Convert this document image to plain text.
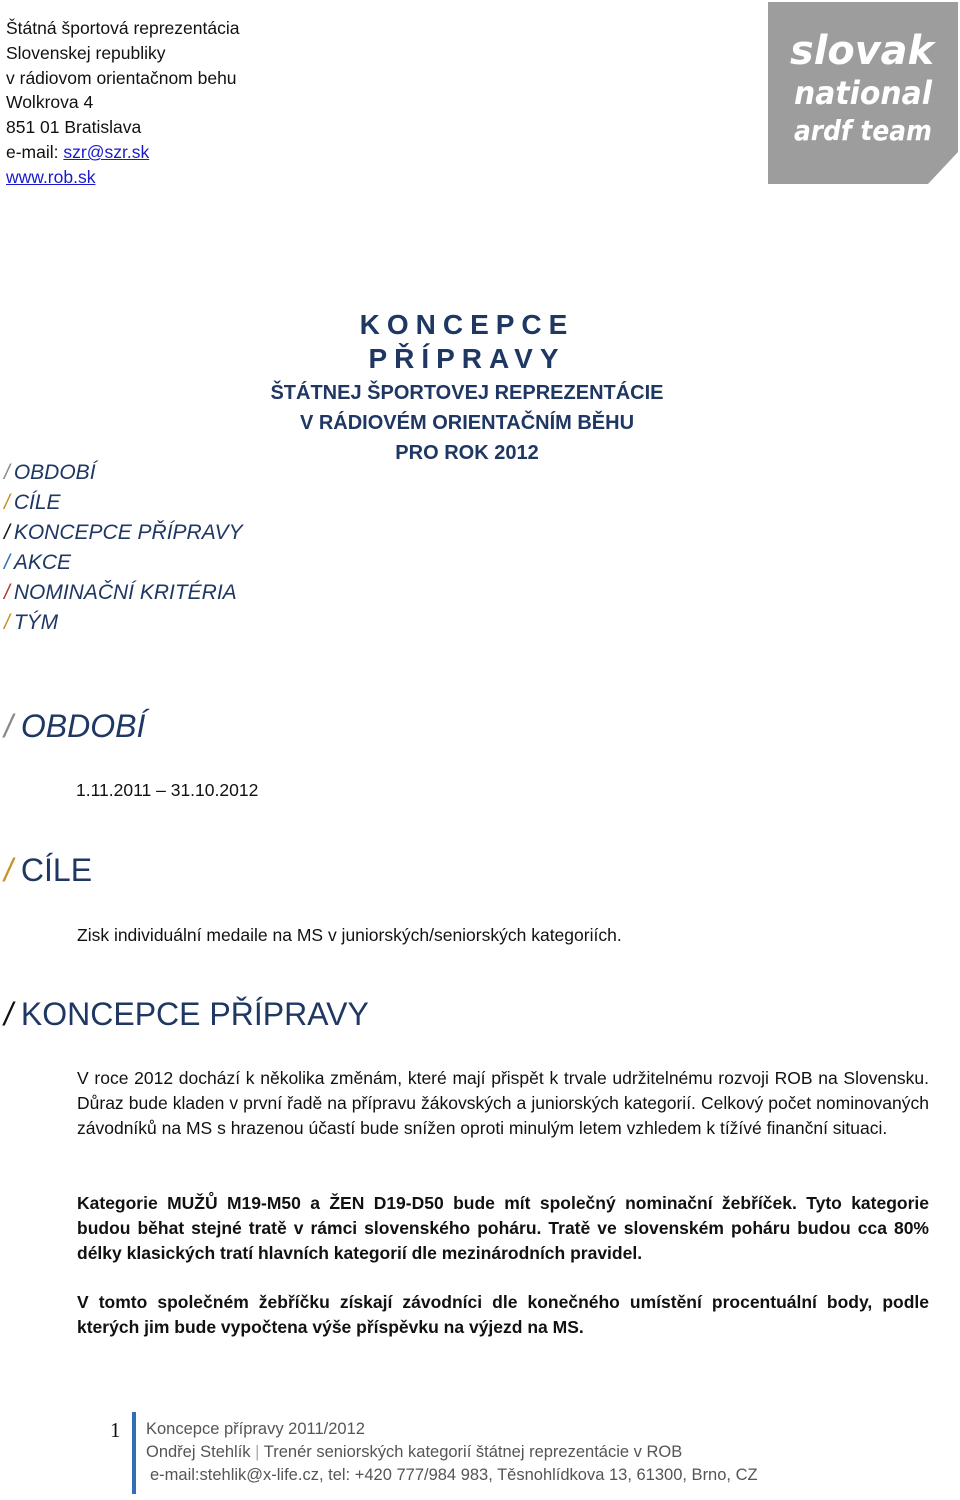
Štátná športová reprezentácia
Slovenskej republiky
v rádiovom orientačnom behu
Wolkrova 4
851 01 Bratislava
e-mail: szr@szr.sk
www.rob.sk
slovak
national
ardf team
KONCEPCE PŘÍPRAVY
ŠTÁTNEJ ŠPORTOVEJ REPREZENTÁCIE
V RÁDIOVÉM ORIENTAČNÍM BĚHU
PRO ROK 2012
/ OBDOBÍ
/ CÍLE
/ KONCEPCE PŘÍPRAVY
/ AKCE
/ NOMINAČNÍ KRITÉRIA
/ TÝM
/ OBDOBÍ
1.11.2011 – 31.10.2012
/ CÍLE
Zisk individuální medaile na MS v juniorských/seniorských kategoriích.
/ KONCEPCE PŘÍPRAVY
V roce 2012 dochází k několika změnám, které mají přispět k trvale udržitelnému rozvoji ROB na Slovensku. Důraz bude kladen v první řadě na přípravu žákovských a juniorských kategorií. Celkový počet nominovaných závodníků na MS s hrazenou účastí bude snížen oproti minulým letem vzhledem k tížívé finanční situaci.
Kategorie MUŽŮ M19-M50 a ŽEN D19-D50 bude mít společný nominační žebříček. Tyto kategorie budou běhat stejné tratě v rámci slovenského poháru. Tratě ve slovenském poháru budou cca 80% délky klasických tratí hlavních kategorií dle mezinárodních pravidel.
V tomto společném žebříčku získají závodníci dle konečného umístění procentuální body, podle kterých jim bude vypočtena výše příspěvku na výjezd na MS.
1 Koncepce přípravy 2011/2012
Ondřej Stehlík | Trenér seniorských kategorií štátnej reprezentácie v ROB
e-mail:stehlik@x-life.cz, tel: +420 777/984 983, Těsnohlídkova 13, 61300, Brno, CZ
